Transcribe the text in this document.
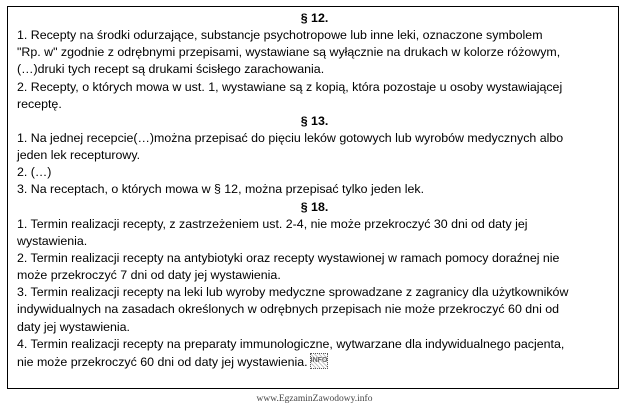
§ 12.
1. Recepty na środki odurzające, substancje psychotropowe lub inne leki, oznaczone symbolem
"Rp. w" zgodnie z odrębnymi przepisami, wystawiane są wyłącznie na drukach w kolorze różowym,
(…)druki tych recept są drukami ścisłego zarachowania.
2. Recepty, o których mowa w ust. 1, wystawiane są z kopią, która pozostaje u osoby wystawiającej
receptę.
§ 13.
1. Na jednej recepcie(…)można przepisać do pięciu leków gotowych lub wyrobów medycznych albo
jeden lek recepturowy.
2. (…)
3. Na receptach, o których mowa w § 12, można przepisać tylko jeden lek.
§ 18.
1. Termin realizacji recepty, z zastrzeżeniem ust. 2-4, nie może przekroczyć 30 dni od daty jej
wystawienia.
2. Termin realizacji recepty na antybiotyki oraz recepty wystawionej w ramach pomocy doraźnej nie
może przekroczyć 7 dni od daty jej wystawienia.
3. Termin realizacji recepty na leki lub wyroby medyczne sprowadzane z zagranicy dla użytkowników
indywidualnych na zasadach określonych w odrębnych przepisach nie może przekroczyć 60 dni od
daty jej wystawienia.
4. Termin realizacji recepty na preparaty immunologiczne, wytwarzane dla indywidualnego pacjenta,
nie może przekroczyć 60 dni od daty jej wystawienia. INFO
www.EgzaminZawodowy.info
